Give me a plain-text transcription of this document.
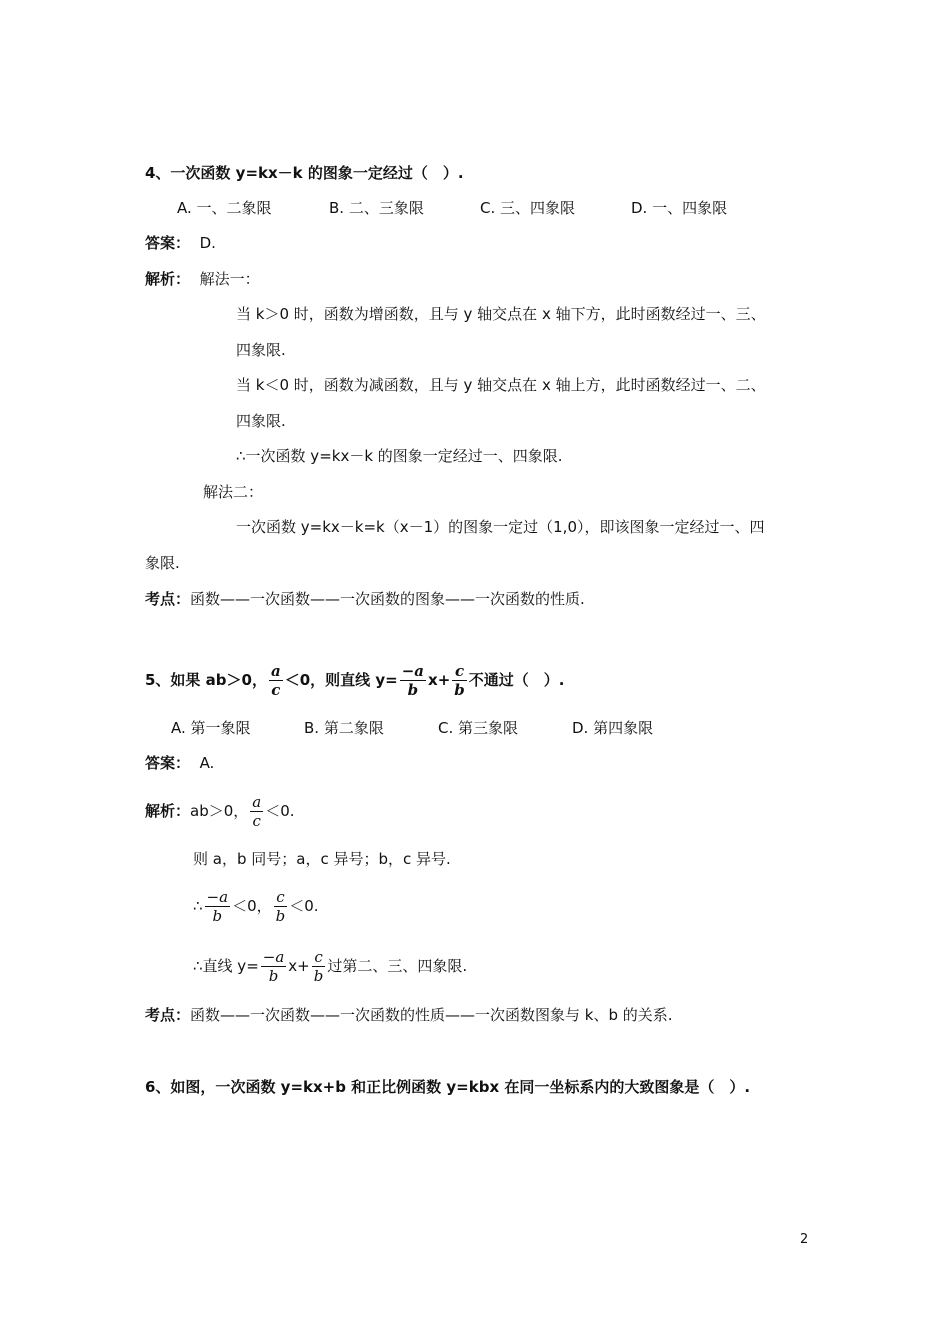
4、一次函数 y=kx－k 的图象一定经过（　）.
A. 一、二象限	B. 二、三象限	C. 三、四象限	D. 一、四象限
答案： D.
解析： 解法一：
当 k＞0 时，函数为增函数，且与 y 轴交点在 x 轴下方，此时函数经过一、三、
四象限.
当 k＜0 时，函数为减函数，且与 y 轴交点在 x 轴上方，此时函数经过一、二、
四象限.
∴一次函数 y=kx－k 的图象一定经过一、四象限.
解法二：
一次函数 y=kx－k=k（x－1）的图象一定过（1,0），即该图象一定经过一、四
象限.
考点：函数——一次函数——一次函数的图象——一次函数的性质.
5、如果 ab＞0， $\frac{a}{c} <0$，则直线 $y= \frac{-a}{b} x+ \frac{c}{b}$ 不通过（　）.
A. 第一象限	B. 第二象限	C. 第三象限	D. 第四象限
答案： A.
解析：ab＞0， $\frac{a}{c} <0$.
则 a，b 同号；a，c 异号；b，c 异号.
∴ $\frac{-a}{b} <0$， $\frac{c}{b} <0$.
∴直线 $y= \frac{-a}{b} x+ \frac{c}{b}$ 过第二、三、四象限.
考点：函数——一次函数——一次函数的性质——一次函数图象与 k、b 的关系.
6、如图，一次函数 y=kx+b 和正比例函数 y=kbx 在同一坐标系内的大致图象是（　）.
2
